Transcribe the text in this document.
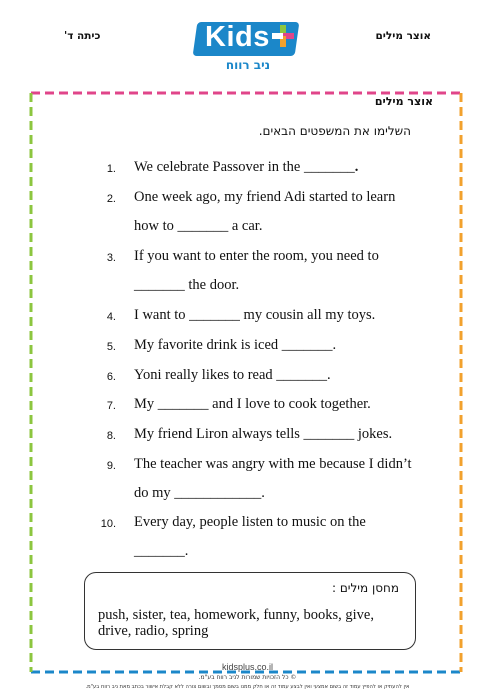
כיתה ד'	Kids
ניב רווח
אוצר מילים
אוצר מילים
השלימו את המשפטים הבאים.
1. We celebrate Passover in the _______.
2. One week ago, my friend Adi started to learn
how to _______ a car.
3. If you want to enter the room, you need to
_______ the door.
4. I want to _______ my cousin all my toys.
5. My favorite drink is iced _______.
6. Yoni really likes to read _______.
7. My _______ and I love to cook together.
8. My friend Liron always tells _______ jokes.
9. The teacher was angry with me because I didn’t
do my ____________.
10. Every day, people listen to music on the
_______.
מחסן מילים :
push, sister, tea, homework, funny, books, give, drive, radio, spring
kidsplus.co.il
© כל הזכויות שמורות לניב רווח בע"מ.
אין להעתיק או להפיץ עמוד זה בשום אמצעי ואין לבצע עמוד זה או חלק ממנו בשום מסמך ובשום צורה ללא קבלת אישור בכתב מאת ניב רווח בע"מ.
